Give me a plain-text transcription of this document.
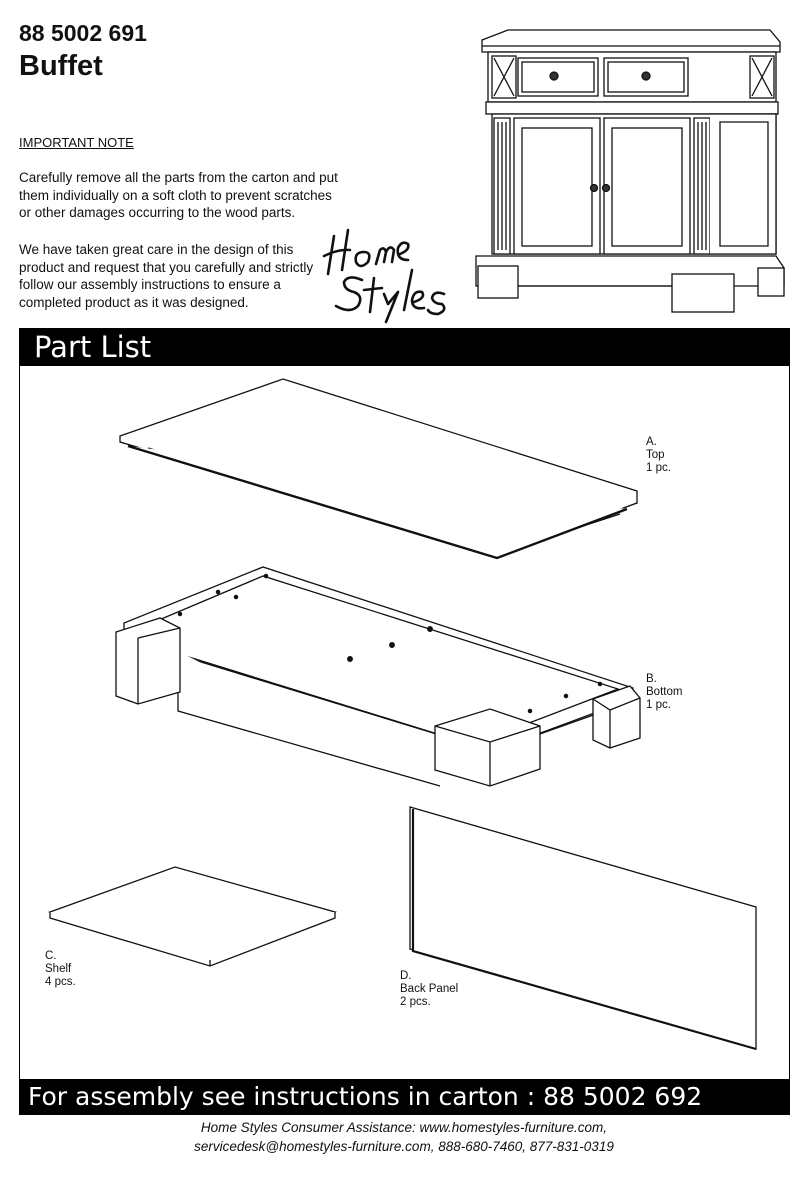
88 5002 691
Buffet
IMPORTANT NOTE

Carefully remove all the parts from the carton and put them individually on a soft cloth to prevent scratches or other damages occurring to the wood parts.

We have taken great care in the design of this product and request that you carefully and strictly follow our assembly instructions to ensure a completed product as it was designed.

Part List
A.
Top
1 pc.
B.
Bottom
1 pc.
C.
Shelf
4 pcs.	D.
Back Panel
2 pcs.
For assembly see instructions in carton : 88 5002 692
Home Styles Consumer Assistance: www.homestyles-furniture.com,
servicedesk@homestyles-furniture.com, 888-680-7460, 877-831-0319
